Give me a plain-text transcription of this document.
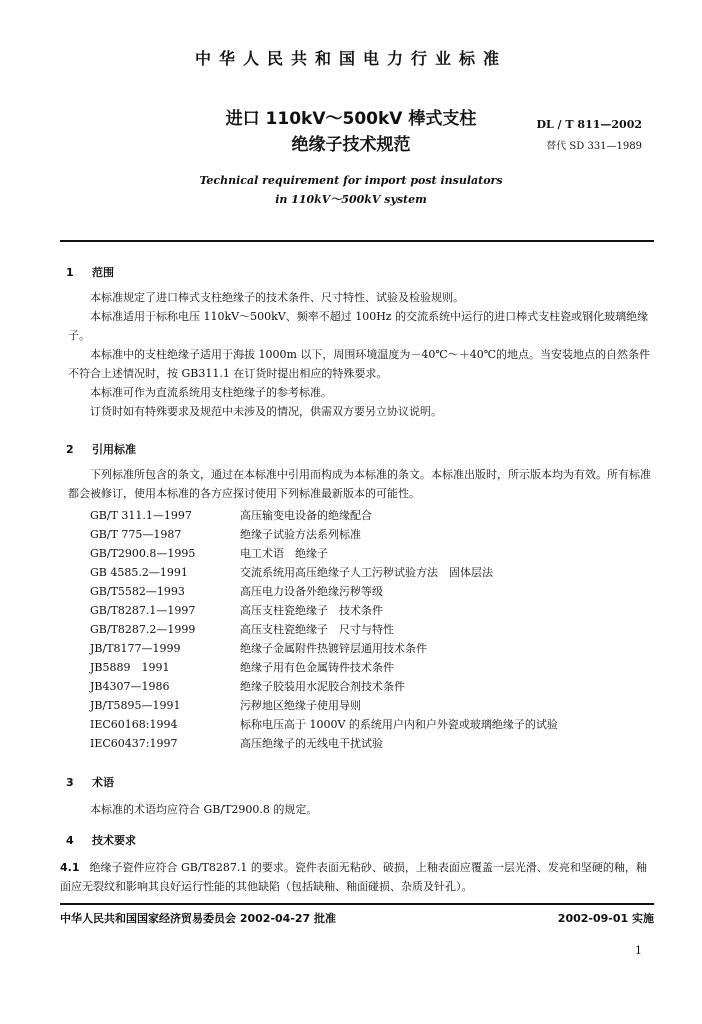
中华人民共和国电力行业标准
进口 110kV～500kV 棒式支柱
绝缘子技术规范
DL / T 811—2002
替代 SD 331—1989
Technical requirement for import post insulators
in 110kV～500kV system
1 范围
本标准规定了进口棒式支柱绝缘子的技术条件、尺寸特性、试验及检验规则。
本标准适用于标称电压 110kV～500kV、频率不超过 100Hz 的交流系统中运行的进口棒式支柱瓷或钢化玻璃绝缘子。
本标准中的支柱绝缘子适用于海拔 1000m 以下，周围环境温度为－40℃～＋40℃的地点。当安装地点的自然条件不符合上述情况时，按 GB311.1 在订货时提出相应的特殊要求。
本标准可作为直流系统用支柱绝缘子的参考标准。
订货时如有特殊要求及规范中未涉及的情况，供需双方要另立协议说明。
2 引用标准
下列标准所包含的条文，通过在本标准中引用而构成为本标准的条文。本标准出版时，所示版本均为有效。所有标准都会被修订，使用本标准的各方应探讨使用下列标准最新版本的可能性。
GB/T 311.1—1997	高压输变电设备的绝缘配合
GB/T 775—1987	绝缘子试验方法系列标准
GB/T2900.8—1995	电工术语　绝缘子
GB 4585.2—1991	交流系统用高压绝缘子人工污秽试验方法　固体层法
GB/T5582—1993	高压电力设备外绝缘污秽等级
GB/T8287.1—1997	高压支柱瓷绝缘子　技术条件
GB/T8287.2—1999	高压支柱瓷绝缘子　尺寸与特性
JB/T8177—1999	绝缘子金属附件热镀锌层通用技术条件
JB5889　1991	绝缘子用有色金属铸件技术条件
JB4307—1986	绝缘子胶装用水泥胶合剂技术条件
JB/T5895—1991	污秽地区绝缘子使用导则
IEC60168:1994	标称电压高于 1000V 的系统用户内和户外瓷或玻璃绝缘子的试验
IEC60437:1997	高压绝缘子的无线电干扰试验
3 术语
本标准的术语均应符合 GB/T2900.8 的规定。
4 技术要求
4.1 绝缘子瓷件应符合 GB/T8287.1 的要求。瓷件表面无粘砂、破损，上釉表面应覆盖一层光滑、发亮和坚硬的釉，釉面应无裂纹和影响其良好运行性能的其他缺陷（包括缺釉、釉面碰损、杂质及针孔）。
中华人民共和国国家经济贸易委员会 2002-04-27 批准	2002-09-01 实施
1
